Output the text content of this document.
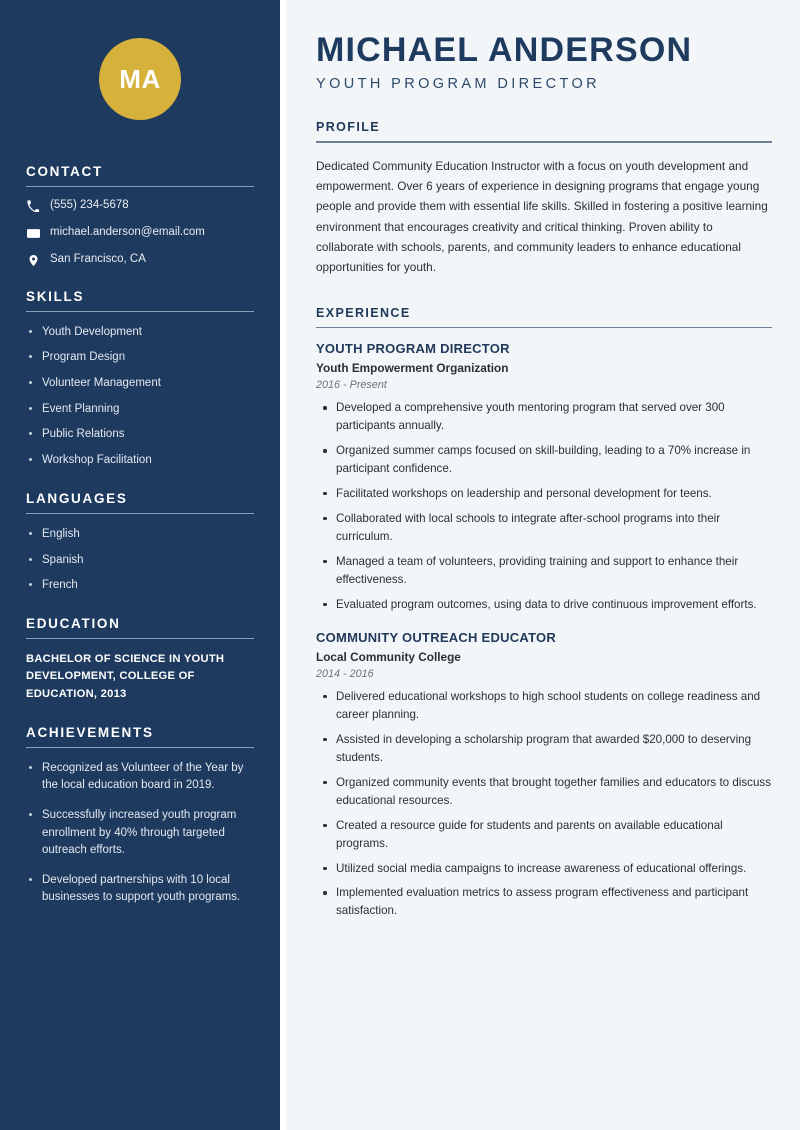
MA
CONTACT
(555) 234-5678
michael.anderson@email.com
San Francisco, CA
SKILLS
Youth Development
Program Design
Volunteer Management
Event Planning
Public Relations
Workshop Facilitation
LANGUAGES
English
Spanish
French
EDUCATION
BACHELOR OF SCIENCE IN YOUTH DEVELOPMENT, COLLEGE OF EDUCATION, 2013
ACHIEVEMENTS
Recognized as Volunteer of the Year by the local education board in 2019.
Successfully increased youth program enrollment by 40% through targeted outreach efforts.
Developed partnerships with 10 local businesses to support youth programs.
MICHAEL ANDERSON
YOUTH PROGRAM DIRECTOR
PROFILE

Dedicated Community Education Instructor with a focus on youth development and empowerment. Over 6 years of experience in designing programs that engage young people and provide them with essential life skills. Skilled in fostering a positive learning environment that encourages creativity and critical thinking. Proven ability to collaborate with schools, parents, and community leaders to enhance educational opportunities for youth.

EXPERIENCE
YOUTH PROGRAM DIRECTOR
Youth Empowerment Organization
2016 - Present
Developed a comprehensive youth mentoring program that served over 300 participants annually.
Organized summer camps focused on skill-building, leading to a 70% increase in participant confidence.
Facilitated workshops on leadership and personal development for teens.
Collaborated with local schools to integrate after-school programs into their curriculum.
Managed a team of volunteers, providing training and support to enhance their effectiveness.
Evaluated program outcomes, using data to drive continuous improvement efforts.
COMMUNITY OUTREACH EDUCATOR
Local Community College
2014 - 2016
Delivered educational workshops to high school students on college readiness and career planning.
Assisted in developing a scholarship program that awarded $20,000 to deserving students.
Organized community events that brought together families and educators to discuss educational resources.
Created a resource guide for students and parents on available educational programs.
Utilized social media campaigns to increase awareness of educational offerings.
Implemented evaluation metrics to assess program effectiveness and participant satisfaction.
